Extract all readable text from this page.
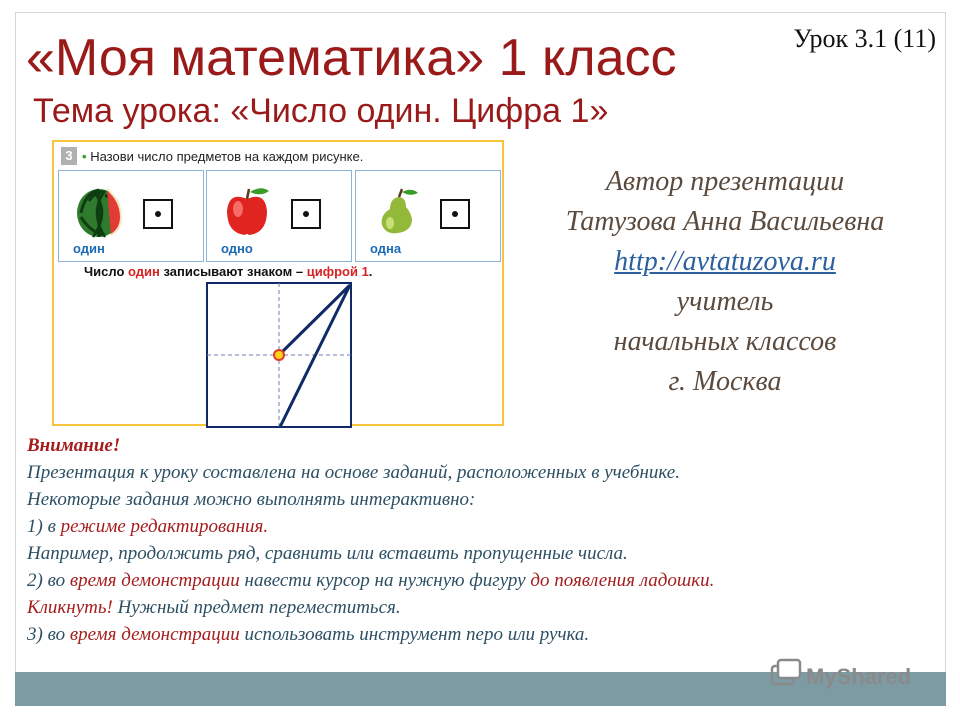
Урок 3.1 (11)
«Моя математика» 1 класс
Тема урока: «Число один. Цифра 1»
3 • Назови число предметов на каждом рисунке.
один	одно	одна
Число один записывают знаком – цифрой 1.
Автор презентации
Татузова Анна Васильевна
http://avtatuzova.ru
учитель
начальных классов
г. Москва
Внимание!
Презентация к уроку составлена на основе заданий, расположенных в учебнике.
Некоторые задания можно выполнять интерактивно:
1) в режиме редактирования.
Например, продолжить ряд, сравнить или вставить пропущенные числа.
2) во время демонстрации навести курсор на нужную фигуру до появления ладошки.
Кликнуть! Нужный предмет переместиться.
3) во время демонстрации использовать инструмент перо или ручка.
MyShared
